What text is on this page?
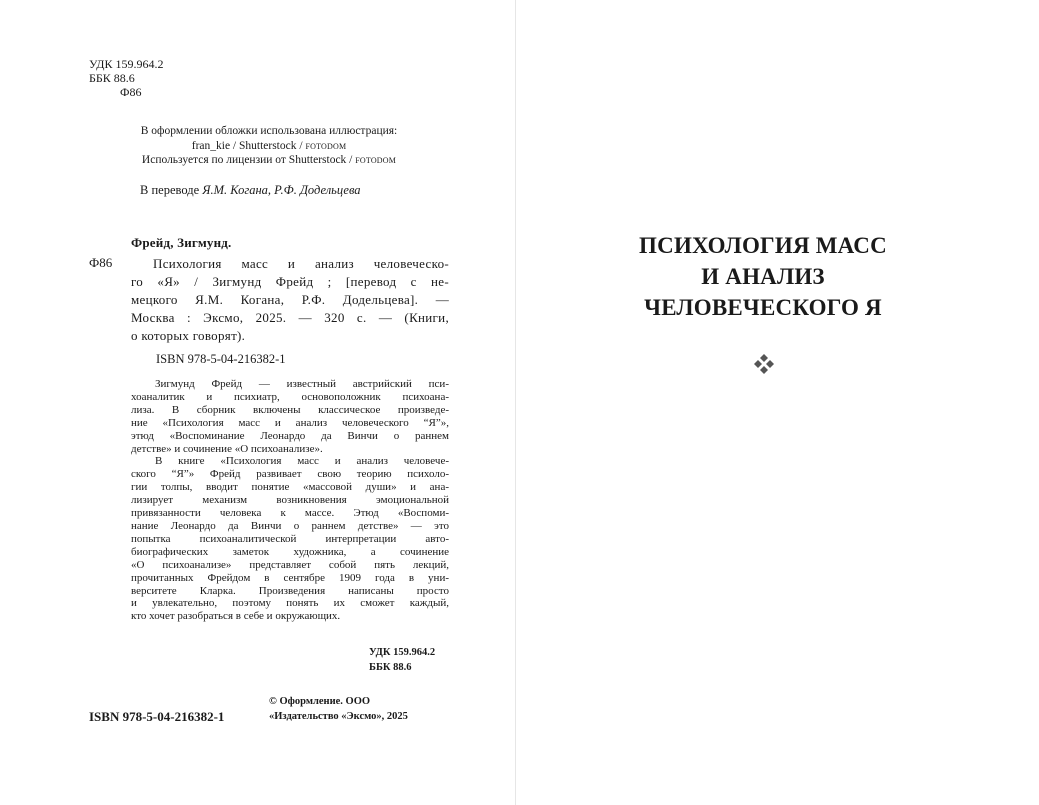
УДК 159.964.2
ББК 88.6
Ф86
В оформлении обложки использована иллюстрация:
fran_kie / Shutterstock / fotodom
Используется по лицензии от Shutterstock / fotodom
В переводе Я.М. Когана, Р.Ф. Додельцева
Фрейд, Зигмунд.
Ф86	Психология масс и анализ человеческо-
го «Я» / Зигмунд Фрейд ; [перевод с не-
мецкого Я.М. Когана, Р.Ф. Додельцева]. —
Москва : Эксмо, 2025. — 320 с. — (Книги,
о которых говорят).
ISBN 978-5-04-216382-1
Зигмунд Фрейд — известный австрийский пси-
хоаналитик и психиатр, основоположник психоана-
лиза. В сборник включены классическое произведе-
ние «Психология масс и анализ человеческого “Я”»,
этюд «Воспоминание Леонардо да Винчи о раннем
детстве» и сочинение «О психоанализе».
В книге «Психология масс и анализ человече-
ского “Я”» Фрейд развивает свою теорию психоло-
гии толпы, вводит понятие «массовой души» и ана-
лизирует механизм возникновения эмоциональной
привязанности человека к массе. Этюд «Воспоми-
нание Леонардо да Винчи о раннем детстве» — это
попытка психоаналитической интерпретации авто-
биографических заметок художника, а сочинение
«О психоанализе» представляет собой пять лекций,
прочитанных Фрейдом в сентябре 1909 года в уни-
верситете Кларка. Произведения написаны просто
и увлекательно, поэтому понять их сможет каждый,
кто хочет разобраться в себе и окружающих.
УДК 159.964.2
ББК 88.6
ISBN 978-5-04-216382-1
© Оформление. ООО
«Издательство «Эксмо», 2025
ПСИХОЛОГИЯ МАСС
И АНАЛИЗ
ЧЕЛОВЕЧЕСКОГО Я
